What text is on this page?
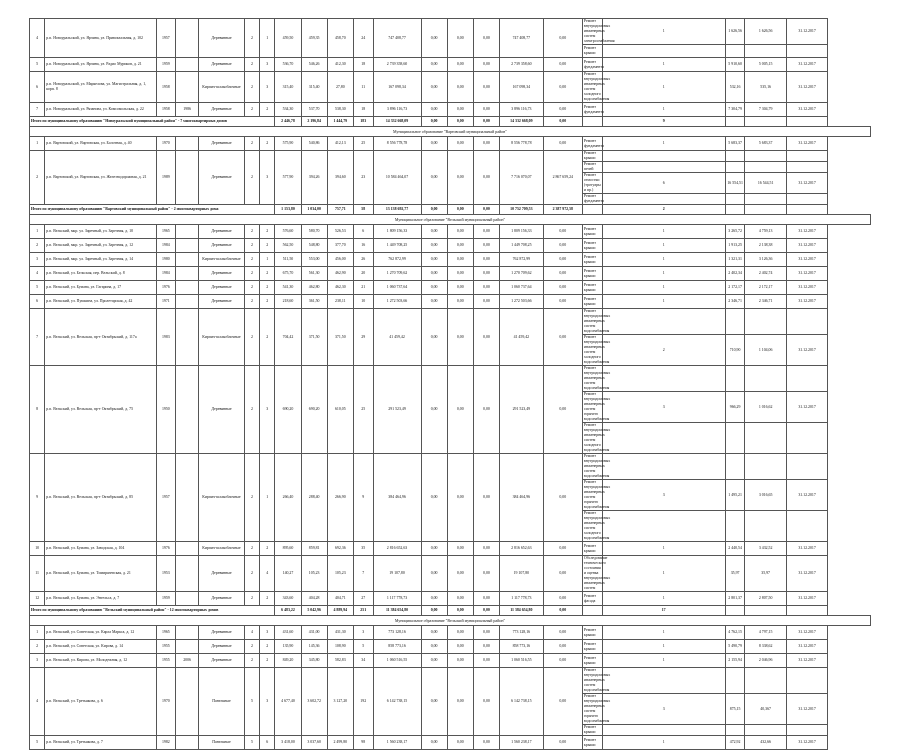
4	р.п. Новоуральский, ул. Ярчина, ул. Привокзальная, д. 102	1957		Деревянные	2	1	459,50	459,35	458,70	24	747 408,77	0,00	0,00	0,00	747 408,77	0,00	Ремонт внутридомовых инженерных систем электроснабжения	1	1 626,56	1 626,56	31.12.2017
																	Ремонт крыши				
5	р.п. Новоуральский, ул. Ярчина, ул. Радио Муриков, д. 21	1959		Деревянные	2	3	536,70	546,26	412,30	18	2 739 358,60	0,00	0,00	0,00	2 739 358,60	0,00	Ремонт фундамента	1	5 910,60	5 005,15	31.12.2017
6	р.п. Новоуральский, ул. Маркелова, ул. Магистральная, д. 1, корп. 8	1958		Кирпич-шлакоблочные	2	3	315,40	315,40	27,80	11	167 098,34	0,00	0,00	0,00	167 098,34	0,00	Ремонт внутридомовых инженерных систем холодного водоснабжения	1	532,16	535,16	31.12.2017
7	р.п. Новоуральский, ул. Рязанова, ул. Комсомольская, д. 22	1958	1986	Деревянные	2	2	534,30	537,70	538,30	18	3 896 116,73	0,00	0,00	0,00	3 896 116,73	0,00	Ремонт фундамента	1	7 304,79	7 304,79	31.12.2017
Итого по муниципальному образованию "Новоуральский муниципальный район" - 7 многоквартирных домов							2 446,78	2 196,84	1 444,79	183	14 332 668,09	0,00	0,00	0,00	14 332 668,09	0,00		9			
Муниципальное образование "Вартовский муниципальный район"																					
1	р.п. Вартовский, ул. Вартовская, ул. Болотная, д. 40	1970		Деревянные	2	2	575,90	540,86	412,13	25	8 556 778,78	0,00	0,00	0,00	8 556 778,78	0,00	Ремонт фундамента	1	5 683,37	5 683,37	31.12.2017
2	р.п. Вартовский, ул. Вартовская, ул. Железнодорожная, д. 21	1989		Деревянные	2	3	577,90	394,26	394,60	23	10 584 464,07	0,00	0,00	0,00	7 716 070,07	2 867 659,24	Ремонт крыши				
																	Ремонт печей				
																	Ремонт отмостки (тротуары и пр.)	6	16 554,51	16 544,51	31.12.2017
																	Ремонт фундамента				
Итого по муниципальному образованию "Вартовский муниципальный район" - 2 многоквартирных дома							1 153,80	1 034,00	757,71	58	13 138 692,77	0,00	0,00	0,00	10 752 709,53	2 387 972,58		2			
Муниципальное образование "Вельский муниципальный район"																					
1	р.п. Вельский, мкр. ул. Заречный, ул. Заречная, д. 10	1965		Деревянные	2	2	576,60	580,70	526,53	6	1 809 156,33	0,00	0,00	0,00	1 809 156,33	0,00	Ремонт крыши	1	3 265,72	4 759,13	31.12.2017
2	р.п. Вельский, мкр. ул. Заречный, ул. Заречная, д. 12	1984		Деревянные	2	2	562,50	548,80	377,70	16	1 449 708,25	0,00	0,00	0,00	1 449 708,25	0,00	Ремонт крыши	1	1 913,25	2 138,38	31.12.2017
3	р.п. Вельский, мкр. ул. Заречный, ул. Заречная, д. 14	1980		Кирпич-шлакоблочные	2	1	511,50	553,00	456,00	26	762 872,99	0,00	0,00	0,00	762 872,99	0,00	Ремонт крыши	1	1 321,31	3 126,36	31.12.2017
4	р.п. Вельский, ул. Бельская, пер. Вельский, д. 8	1984		Деревянные	2	2	675,70	561,30	462,90	20	1 270 709,62	0,00	0,00	0,00	1 270 709,62	0,00	Ремонт крыши	1	2 402,34	2 402,74	31.12.2017
5	р.п. Вельский, ул. Бумана, ул. Гагарина, д. 17	1976		Деревянные	2	2	541,30	462,80	462,30	21	1 060 737,64	0,00	0,00	0,00	1 060 737,64	0,00	Ремонт крыши	1	2 172,17	2 172,17	31.12.2017
6	р.п. Вельский, ул. Пушкина, ул. Пролетарская, д. 42	1971		Деревянные	2	2	218,60	361,50	238,11	10	1 272 503,66	0,00	0,00	0,00	1 272 503,66	0,00	Ремонт крыши	1	2 346,71	2 346,71	31.12.2017
7	р.п. Вельский, ул. Вельская, пр-т Октябрьский, д. 117а	1983		Кирпич-шлакоблочные	2	2	704,42	371,50	371,50	29	41 459,42	0,00	0,00	0,00	41 459,42	0,00	Ремонт внутридомовых инженерных систем водоснабжения				
																	Ремонт внутридомовых инженерных систем холодного водоснабжения	2	710,90	1 104,06	31.12.2017
8	р.п. Вельский, ул. Вельская, пр-т Октябрьский, д. 75	1950		Деревянные	2	3	690,20	690,20	610,05	25	291 523,49	0,00	0,00	0,00	291 523,49	0,00	Ремонт внутридомовых инженерных систем водоснабжения				
																	Ремонт внутридомовых инженерных систем горячего водоснабжения	3	966,29	1 016,62	31.12.2017
																	Ремонт внутридомовых инженерных систем холодного водоснабжения				
9	р.п. Вельский, ул. Вельская, пр-т Октябрьский, д. 85	1957		Кирпич-шлакоблочные	2	1	266,40	288,40	266,90	9	384 464,96	0,00	0,00	0,00	384 464,96	0,00	Ремонт внутридомовых инженерных систем водоснабжения				
																	Ремонт внутридомовых инженерных систем горячего водоснабжения	3	1 495,21	3 016,65	31.12.2017
																	Ремонт внутридомовых инженерных систем холодного водоснабжения				
10	р.п. Вельский, ул. Бумана, ул. Заводская, д. 104	1976		Кирпич-шлакоблочные	2	2	895,60	859,81	692,36	35	2 816 652,63	0,00	0,00	0,00	2 816 652,63	0,00	Ремонт крыши	1	2 440,54	3 432,52	31.12.2017
11	р.п. Вельский, ул. Бумана, ул. Тимирязевская, д. 21	1953		Деревянные	2	4	140,27	105,23	105,23	7	19 107,80	0,00	0,00	0,00	19 107,80	0,00	Обследование технического состояния и оценка внутридомовых инженерных систем	1	35,97	35,97	31.12.2017
12	р.п. Вельский, ул. Бумана, ул. Энгельса, д. 7	1959		Деревянные	2	2	343,60	404,28	404,71	27	1 117 778,73	0,00	0,00	0,00	1 117 778,73	0,00	Ремонт фасада	1	2 801,37	2 807,50	31.12.2017
Итого по муниципальному образованию "Вельский муниципальный район" - 12 многоквартирных домов							6 483,22	5 042,96	4 889,94	251	11 384 654,80	0,00	0,00	0,00	11 384 654,80	0,00		17			
Муниципальное образование "Вельский муниципальный район"																					
1	р.п. Вельский, ул. Советская, ул. Карла Маркса, д. 12	1965		Деревянные	4	3	431,60	431,00	431,30	3	773 128,16	0,00	0,00	0,00	773 128,16	0,00	Ремонт крыши	1	4 762,15	4 797,15	31.12.2017
2	р.п. Вельский, ул. Советская, ул. Кирова, д. 14	1955		Деревянные	2	2	135,90	145,36	108,90	5	858 773,16	0,00	0,00	0,00	858 773,16	0,00	Ремонт крыши	1	5 490,79	8 338,62	31.12.2017
3	р.п. Вельский, ул. Кирова, ул. Молодежная, д. 12	1955	2006	Деревянные	2	2	849,20	345,80	582,83	34	1 060 516,55	0,00	0,00	0,00	1 060 516,55	0,00	Ремонт крыши	1	2 155,94	2 046,96	31.12.2017
4	р.п. Вельский, ул. Третьякова, д. 6	1970		Панельные	5	3	4 677,40	3 602,72	3 127,20	192	6 142 738,15	0,00	0,00	0,00	6 142 738,15	0,00	Ремонт внутридомовых инженерных систем водоснабжения				
																	Ремонт внутридомовых инженерных систем горячего водоснабжения	3	875,15	40,367	31.12.2017
																	Ремонт крыши				
5	р.п. Вельский, ул. Третьякова, д. 7	1982		Панельные	5	6	3 418,00	3 037,60	2 499,80	98	1 560 238,17	0,00	0,00	0,00	1 560 238,17	0,00	Ремонт крыши	1	472,92	432,66	31.12.2017
